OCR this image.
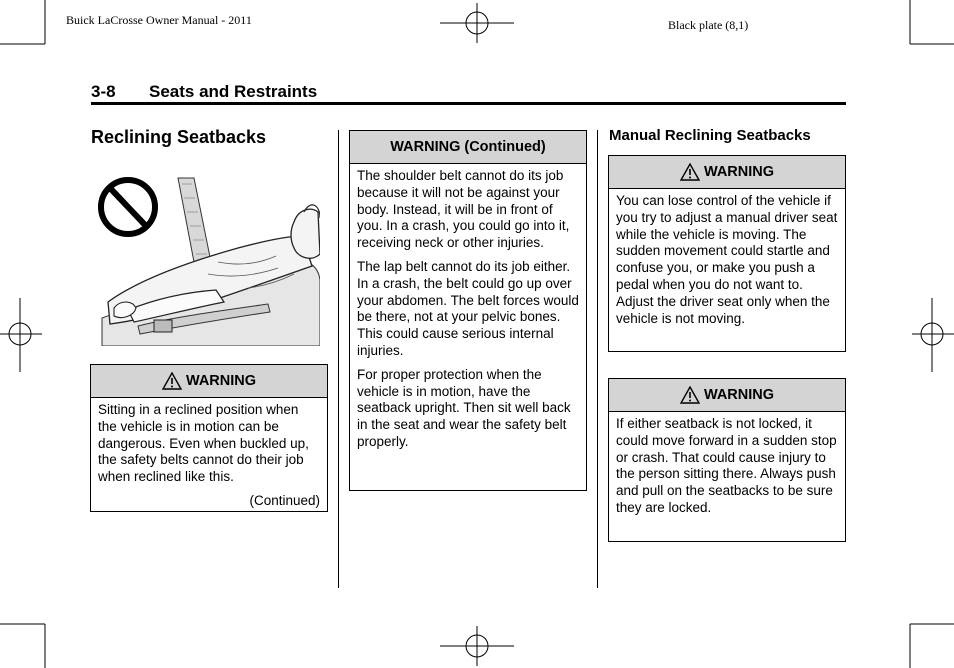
Buick LaCrosse Owner Manual - 2011	Black plate (8,1)
3-8 Seats and Restraints
Reclining Seatbacks
WARNING

Sitting in a reclined position when the vehicle is in motion can be dangerous. Even when buckled up, the safety belts cannot do their job when reclined like this.

(Continued)
WARNING (Continued)

The shoulder belt cannot do its job because it will not be against your body. Instead, it will be in front of you. In a crash, you could go into it, receiving neck or other injuries.

The lap belt cannot do its job either. In a crash, the belt could go up over your abdomen. The belt forces would be there, not at your pelvic bones. This could cause serious internal injuries.

For proper protection when the vehicle is in motion, have the seatback upright. Then sit well back in the seat and wear the safety belt properly.

Manual Reclining Seatbacks
WARNING

You can lose control of the vehicle if you try to adjust a manual driver seat while the vehicle is moving. The sudden movement could startle and confuse you, or make you push a pedal when you do not want to. Adjust the driver seat only when the vehicle is not moving.

WARNING

If either seatback is not locked, it could move forward in a sudden stop or crash. That could cause injury to the person sitting there. Always push and pull on the seatbacks to be sure they are locked.
